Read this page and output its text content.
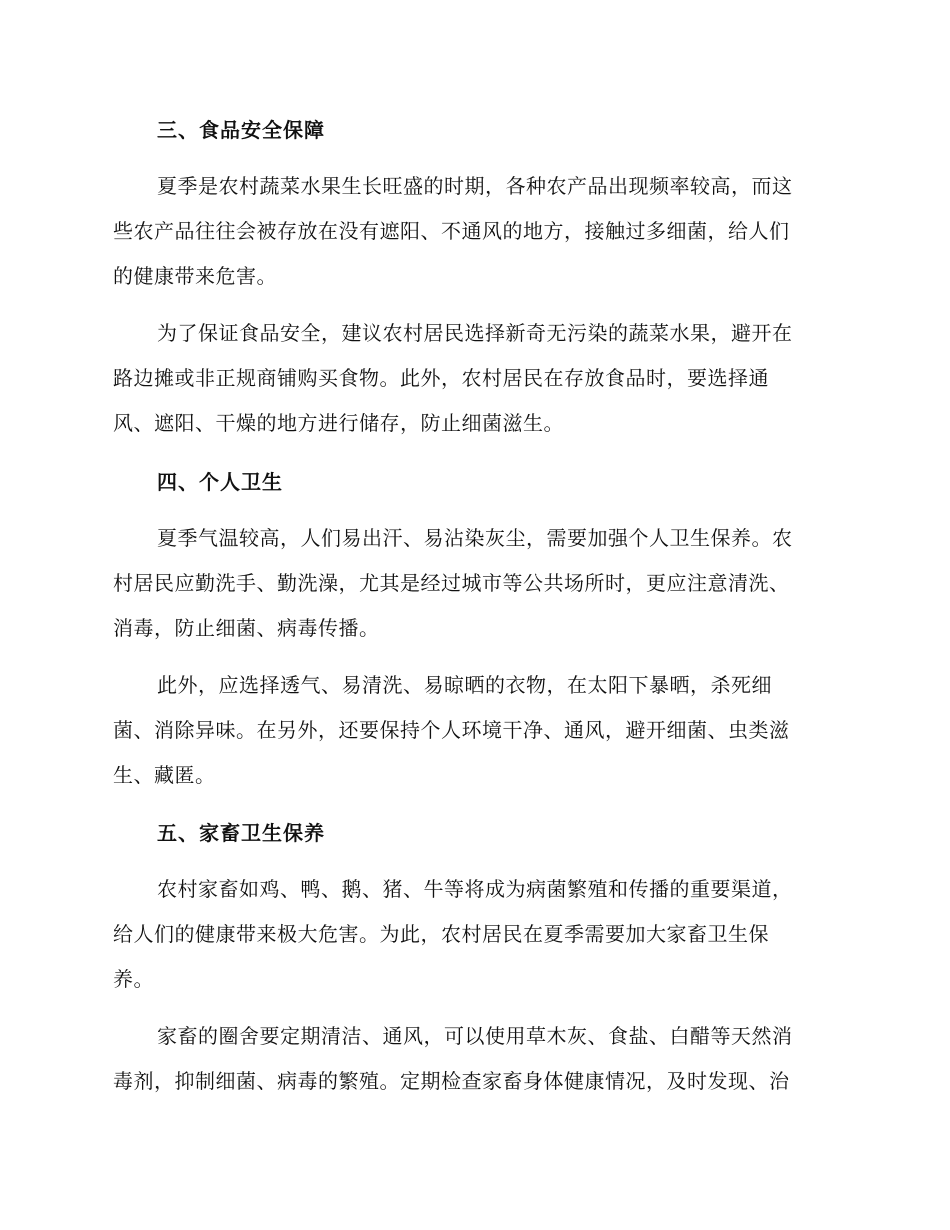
三、食品安全保障
夏季是农村蔬菜水果生长旺盛的时期，各种农产品出现频率较高，而这
些农产品往往会被存放在没有遮阳、不通风的地方，接触过多细菌，给人们
的健康带来危害。
为了保证食品安全，建议农村居民选择新奇无污染的蔬菜水果，避开在
路边摊或非正规商铺购买食物。此外，农村居民在存放食品时，要选择通
风、遮阳、干燥的地方进行储存，防止细菌滋生。
四、个人卫生
夏季气温较高，人们易出汗、易沾染灰尘，需要加强个人卫生保养。农
村居民应勤洗手、勤洗澡，尤其是经过城市等公共场所时，更应注意清洗、
消毒，防止细菌、病毒传播。
此外，应选择透气、易清洗、易晾晒的衣物，在太阳下暴晒，杀死细
菌、消除异味。在另外，还要保持个人环境干净、通风，避开细菌、虫类滋
生、藏匿。
五、家畜卫生保养
农村家畜如鸡、鸭、鹅、猪、牛等将成为病菌繁殖和传播的重要渠道，
给人们的健康带来极大危害。为此，农村居民在夏季需要加大家畜卫生保
养。
家畜的圈舍要定期清洁、通风，可以使用草木灰、食盐、白醋等天然消
毒剂，抑制细菌、病毒的繁殖。定期检查家畜身体健康情况，及时发现、治
